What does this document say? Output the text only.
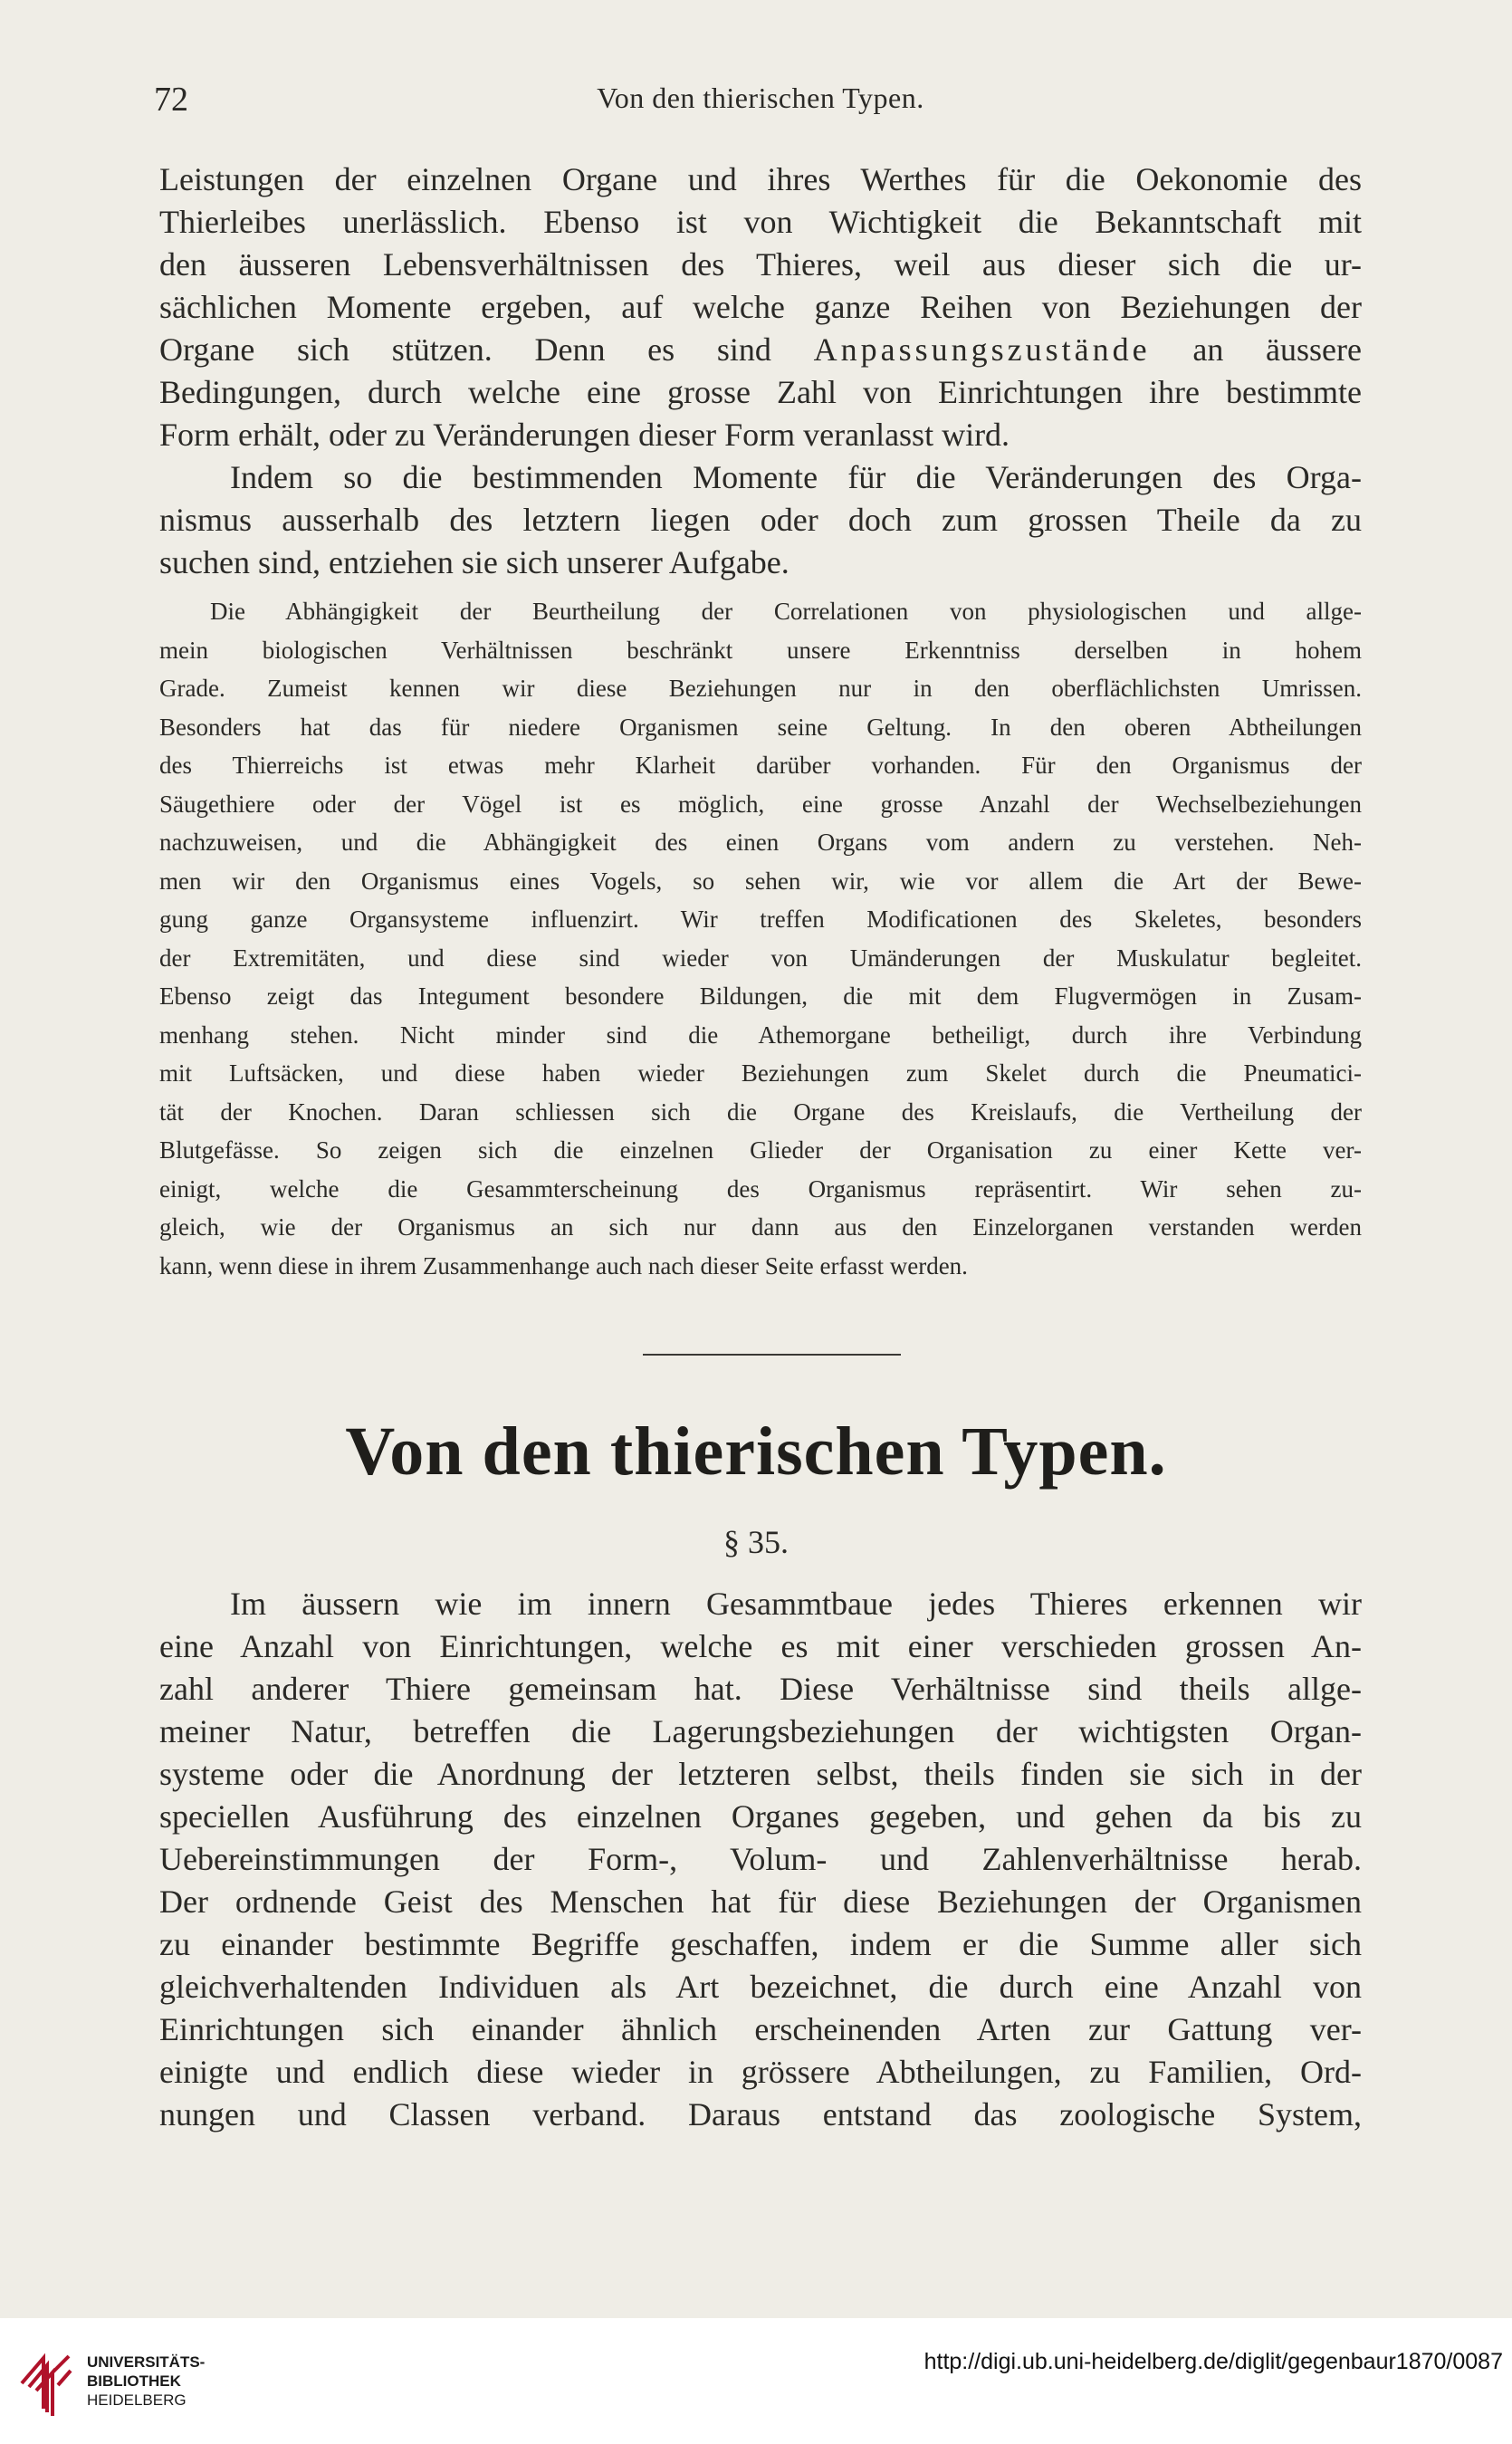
72	Von den thierischen Typen.

Leistungen der einzelnen Organe und ihres Werthes für die Oekonomie des

Thierleibes unerlässlich. Ebenso ist von Wichtigkeit die Bekanntschaft mit

den äusseren Lebensverhältnissen des Thieres, weil aus dieser sich die ur-

sächlichen Momente ergeben, auf welche ganze Reihen von Beziehungen der

Organe sich stützen. Denn es sind Anpassungszustände an äussere

Bedingungen, durch welche eine grosse Zahl von Einrichtungen ihre bestimmte

Form erhält, oder zu Veränderungen dieser Form veranlasst wird.

Indem so die bestimmenden Momente für die Veränderungen des Orga-

nismus ausserhalb des letztern liegen oder doch zum grossen Theile da zu

suchen sind, entziehen sie sich unserer Aufgabe.

Die Abhängigkeit der Beurtheilung der Correlationen von physiologischen und allge-

mein biologischen Verhältnissen beschränkt unsere Erkenntniss derselben in hohem

Grade. Zumeist kennen wir diese Beziehungen nur in den oberflächlichsten Umrissen.

Besonders hat das für niedere Organismen seine Geltung. In den oberen Abtheilungen

des Thierreichs ist etwas mehr Klarheit darüber vorhanden. Für den Organismus der

Säugethiere oder der Vögel ist es möglich, eine grosse Anzahl der Wechselbeziehungen

nachzuweisen, und die Abhängigkeit des einen Organs vom andern zu verstehen. Neh-

men wir den Organismus eines Vogels, so sehen wir, wie vor allem die Art der Bewe-

gung ganze Organsysteme influenzirt. Wir treffen Modificationen des Skeletes, besonders

der Extremitäten, und diese sind wieder von Umänderungen der Muskulatur begleitet.

Ebenso zeigt das Integument besondere Bildungen, die mit dem Flugvermögen in Zusam-

menhang stehen. Nicht minder sind die Athemorgane betheiligt, durch ihre Verbindung

mit Luftsäcken, und diese haben wieder Beziehungen zum Skelet durch die Pneumatici-

tät der Knochen. Daran schliessen sich die Organe des Kreislaufs, die Vertheilung der

Blutgefässe. So zeigen sich die einzelnen Glieder der Organisation zu einer Kette ver-

einigt, welche die Gesammterscheinung des Organismus repräsentirt. Wir sehen zu-

gleich, wie der Organismus an sich nur dann aus den Einzelorganen verstanden werden

kann, wenn diese in ihrem Zusammenhange auch nach dieser Seite erfasst werden.

Von den thierischen Typen.
§ 35.

Im äussern wie im innern Gesammtbaue jedes Thieres erkennen wir

eine Anzahl von Einrichtungen, welche es mit einer verschieden grossen An-

zahl anderer Thiere gemeinsam hat. Diese Verhältnisse sind theils allge-

meiner Natur, betreffen die Lagerungsbeziehungen der wichtigsten Organ-

systeme oder die Anordnung der letzteren selbst, theils finden sie sich in der

speciellen Ausführung des einzelnen Organes gegeben, und gehen da bis zu

Uebereinstimmungen der Form-, Volum- und Zahlenverhältnisse herab.

Der ordnende Geist des Menschen hat für diese Beziehungen der Organismen

zu einander bestimmte Begriffe geschaffen, indem er die Summe aller sich

gleichverhaltenden Individuen als Art bezeichnet, die durch eine Anzahl von

Einrichtungen sich einander ähnlich erscheinenden Arten zur Gattung ver-

einigte und endlich diese wieder in grössere Abtheilungen, zu Familien, Ord-

nungen und Classen verband. Daraus entstand das zoologische System,

UNIVERSITÄTS-
BIBLIOTHEK
HEIDELBERG
http://digi.ub.uni-heidelberg.de/diglit/gegenbaur1870/0087
